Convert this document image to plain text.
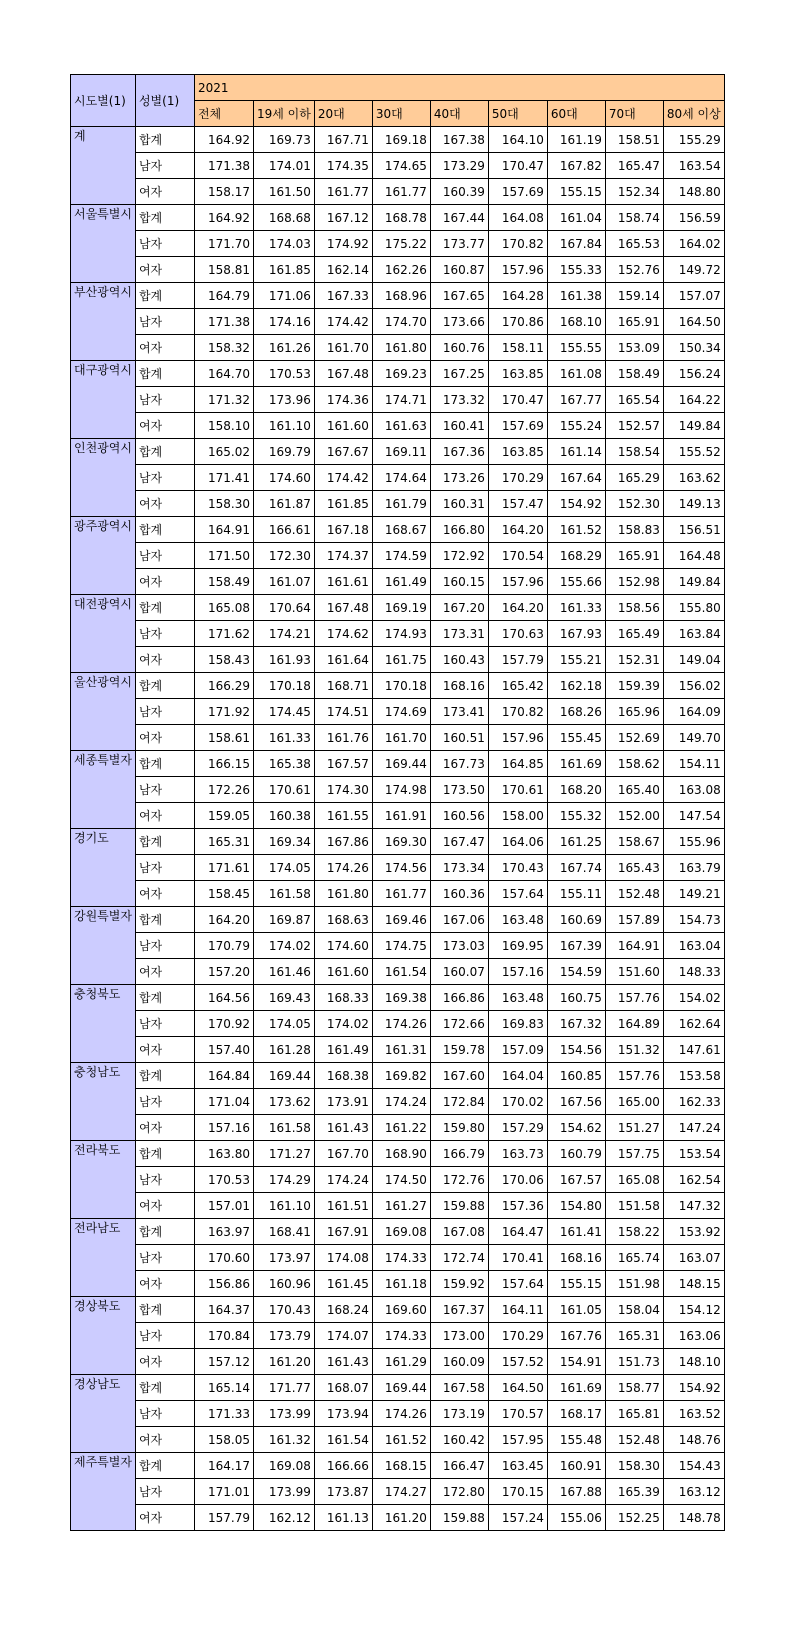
시도별(1)	성별(1)	2021								
		전체	19세 이하	20대	30대	40대	50대	60대	70대	80세 이상
계	합계	164.92	169.73	167.71	169.18	167.38	164.10	161.19	158.51	155.29
	남자	171.38	174.01	174.35	174.65	173.29	170.47	167.82	165.47	163.54
	여자	158.17	161.50	161.77	161.77	160.39	157.69	155.15	152.34	148.80
서울특별시	합계	164.92	168.68	167.12	168.78	167.44	164.08	161.04	158.74	156.59
	남자	171.70	174.03	174.92	175.22	173.77	170.82	167.84	165.53	164.02
	여자	158.81	161.85	162.14	162.26	160.87	157.96	155.33	152.76	149.72
부산광역시	합계	164.79	171.06	167.33	168.96	167.65	164.28	161.38	159.14	157.07
	남자	171.38	174.16	174.42	174.70	173.66	170.86	168.10	165.91	164.50
	여자	158.32	161.26	161.70	161.80	160.76	158.11	155.55	153.09	150.34
대구광역시	합계	164.70	170.53	167.48	169.23	167.25	163.85	161.08	158.49	156.24
	남자	171.32	173.96	174.36	174.71	173.32	170.47	167.77	165.54	164.22
	여자	158.10	161.10	161.60	161.63	160.41	157.69	155.24	152.57	149.84
인천광역시	합계	165.02	169.79	167.67	169.11	167.36	163.85	161.14	158.54	155.52
	남자	171.41	174.60	174.42	174.64	173.26	170.29	167.64	165.29	163.62
	여자	158.30	161.87	161.85	161.79	160.31	157.47	154.92	152.30	149.13
광주광역시	합계	164.91	166.61	167.18	168.67	166.80	164.20	161.52	158.83	156.51
	남자	171.50	172.30	174.37	174.59	172.92	170.54	168.29	165.91	164.48
	여자	158.49	161.07	161.61	161.49	160.15	157.96	155.66	152.98	149.84
대전광역시	합계	165.08	170.64	167.48	169.19	167.20	164.20	161.33	158.56	155.80
	남자	171.62	174.21	174.62	174.93	173.31	170.63	167.93	165.49	163.84
	여자	158.43	161.93	161.64	161.75	160.43	157.79	155.21	152.31	149.04
울산광역시	합계	166.29	170.18	168.71	170.18	168.16	165.42	162.18	159.39	156.02
	남자	171.92	174.45	174.51	174.69	173.41	170.82	168.26	165.96	164.09
	여자	158.61	161.33	161.76	161.70	160.51	157.96	155.45	152.69	149.70
세종특별자	합계	166.15	165.38	167.57	169.44	167.73	164.85	161.69	158.62	154.11
	남자	172.26	170.61	174.30	174.98	173.50	170.61	168.20	165.40	163.08
	여자	159.05	160.38	161.55	161.91	160.56	158.00	155.32	152.00	147.54
경기도	합계	165.31	169.34	167.86	169.30	167.47	164.06	161.25	158.67	155.96
	남자	171.61	174.05	174.26	174.56	173.34	170.43	167.74	165.43	163.79
	여자	158.45	161.58	161.80	161.77	160.36	157.64	155.11	152.48	149.21
강원특별자	합계	164.20	169.87	168.63	169.46	167.06	163.48	160.69	157.89	154.73
	남자	170.79	174.02	174.60	174.75	173.03	169.95	167.39	164.91	163.04
	여자	157.20	161.46	161.60	161.54	160.07	157.16	154.59	151.60	148.33
충청북도	합계	164.56	169.43	168.33	169.38	166.86	163.48	160.75	157.76	154.02
	남자	170.92	174.05	174.02	174.26	172.66	169.83	167.32	164.89	162.64
	여자	157.40	161.28	161.49	161.31	159.78	157.09	154.56	151.32	147.61
충청남도	합계	164.84	169.44	168.38	169.82	167.60	164.04	160.85	157.76	153.58
	남자	171.04	173.62	173.91	174.24	172.84	170.02	167.56	165.00	162.33
	여자	157.16	161.58	161.43	161.22	159.80	157.29	154.62	151.27	147.24
전라북도	합계	163.80	171.27	167.70	168.90	166.79	163.73	160.79	157.75	153.54
	남자	170.53	174.29	174.24	174.50	172.76	170.06	167.57	165.08	162.54
	여자	157.01	161.10	161.51	161.27	159.88	157.36	154.80	151.58	147.32
전라남도	합계	163.97	168.41	167.91	169.08	167.08	164.47	161.41	158.22	153.92
	남자	170.60	173.97	174.08	174.33	172.74	170.41	168.16	165.74	163.07
	여자	156.86	160.96	161.45	161.18	159.92	157.64	155.15	151.98	148.15
경상북도	합계	164.37	170.43	168.24	169.60	167.37	164.11	161.05	158.04	154.12
	남자	170.84	173.79	174.07	174.33	173.00	170.29	167.76	165.31	163.06
	여자	157.12	161.20	161.43	161.29	160.09	157.52	154.91	151.73	148.10
경상남도	합계	165.14	171.77	168.07	169.44	167.58	164.50	161.69	158.77	154.92
	남자	171.33	173.99	173.94	174.26	173.19	170.57	168.17	165.81	163.52
	여자	158.05	161.32	161.54	161.52	160.42	157.95	155.48	152.48	148.76
제주특별자	합계	164.17	169.08	166.66	168.15	166.47	163.45	160.91	158.30	154.43
	남자	171.01	173.99	173.87	174.27	172.80	170.15	167.88	165.39	163.12
	여자	157.79	162.12	161.13	161.20	159.88	157.24	155.06	152.25	148.78
